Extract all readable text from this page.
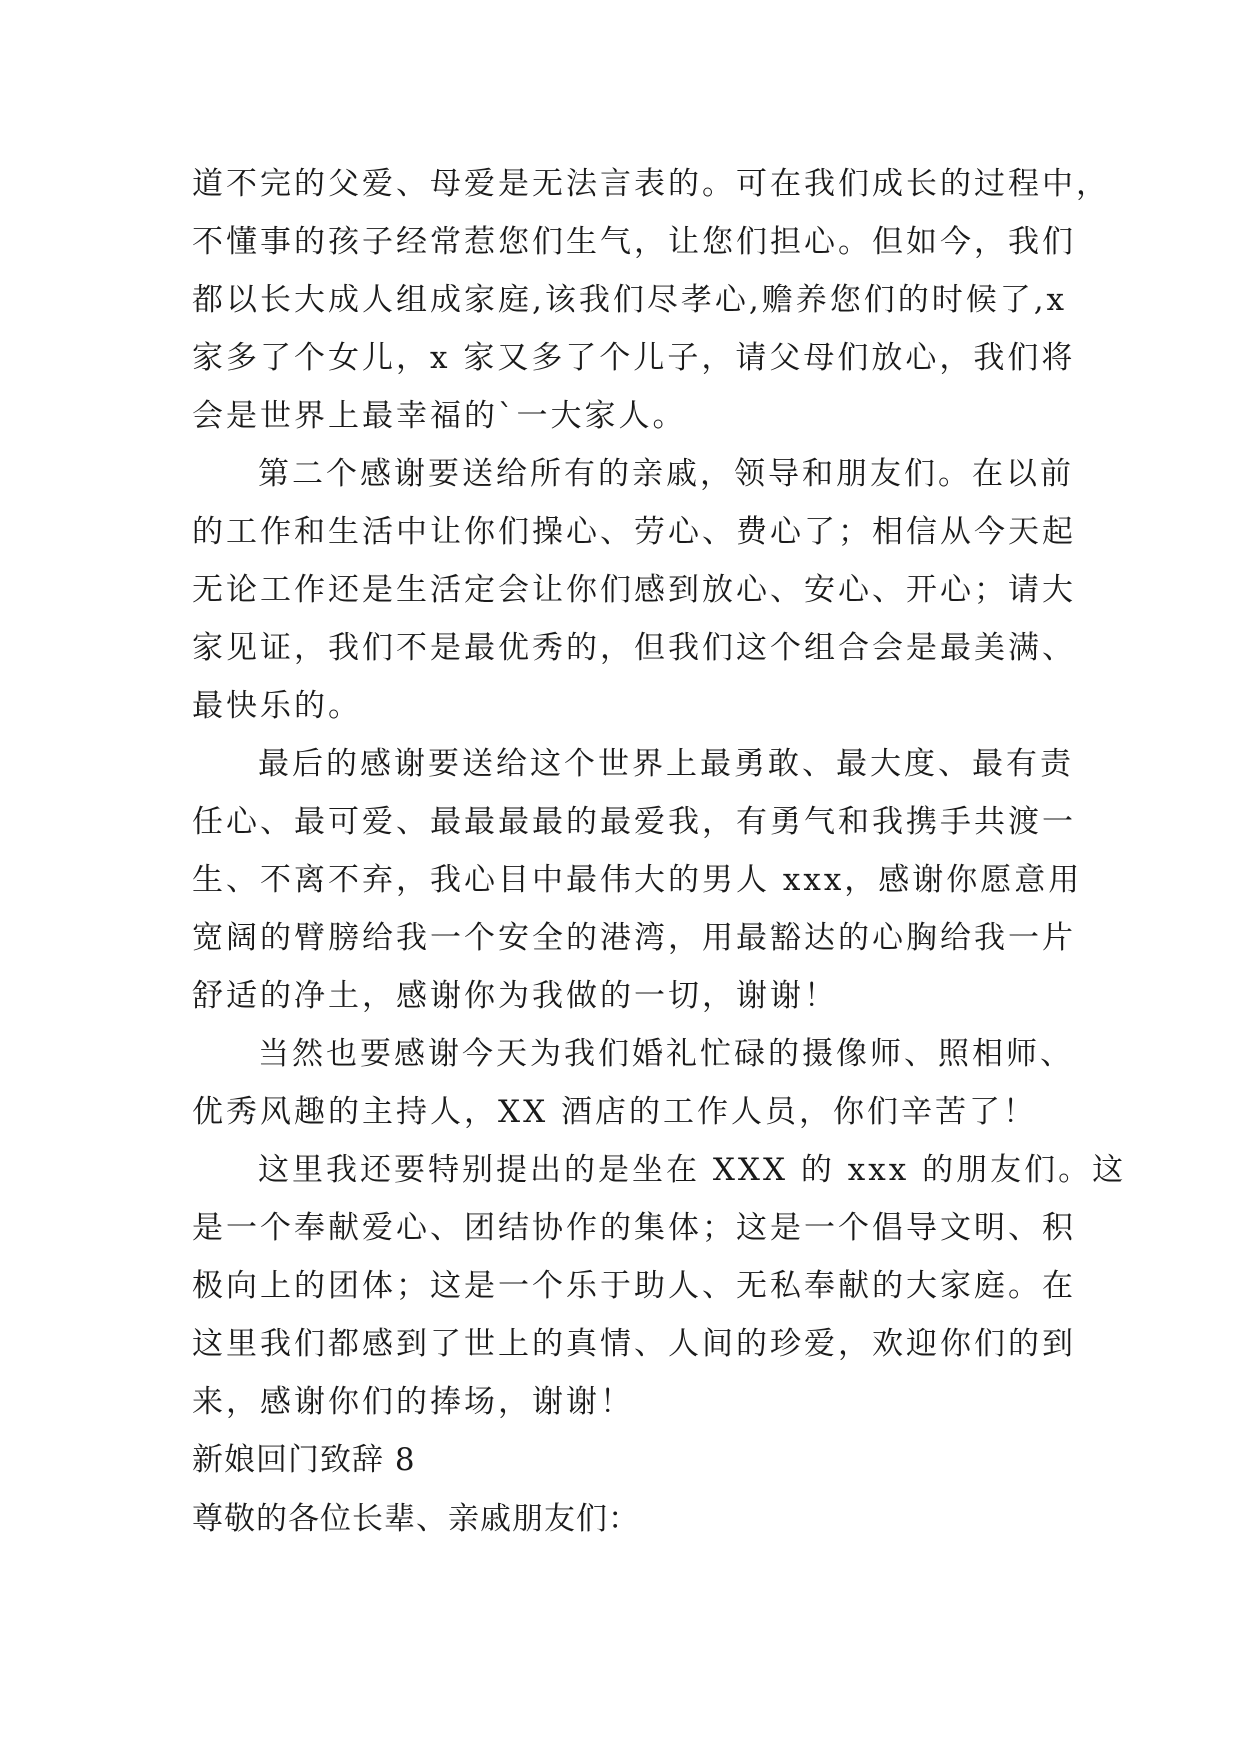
道不完的父爱、母爱是无法言表的。可在我们成长的过程中，
不懂事的孩子经常惹您们生气，让您们担心。但如今，我们
都以长大成人组成家庭,该我们尽孝心,赡养您们的时候了,x
家多了个女儿，x 家又多了个儿子，请父母们放心，我们将
会是世界上最幸福的`一大家人。
第二个感谢要送给所有的亲戚，领导和朋友们。在以前
的工作和生活中让你们操心、劳心、费心了；相信从今天起
无论工作还是生活定会让你们感到放心、安心、开心；请大
家见证，我们不是最优秀的，但我们这个组合会是最美满、
最快乐的。
最后的感谢要送给这个世界上最勇敢、最大度、最有责
任心、最可爱、最最最最的最爱我，有勇气和我携手共渡一
生、不离不弃，我心目中最伟大的男人 xxx，感谢你愿意用
宽阔的臂膀给我一个安全的港湾，用最豁达的心胸给我一片
舒适的净土，感谢你为我做的一切，谢谢！
当然也要感谢今天为我们婚礼忙碌的摄像师、照相师、
优秀风趣的主持人，XX 酒店的工作人员，你们辛苦了！
这里我还要特别提出的是坐在 XXX 的 xxx 的朋友们。这
是一个奉献爱心、团结协作的集体；这是一个倡导文明、积
极向上的团体；这是一个乐于助人、无私奉献的大家庭。在
这里我们都感到了世上的真情、人间的珍爱，欢迎你们的到
来，感谢你们的捧场，谢谢！
新娘回门致辞 8
尊敬的各位长辈、亲戚朋友们：
